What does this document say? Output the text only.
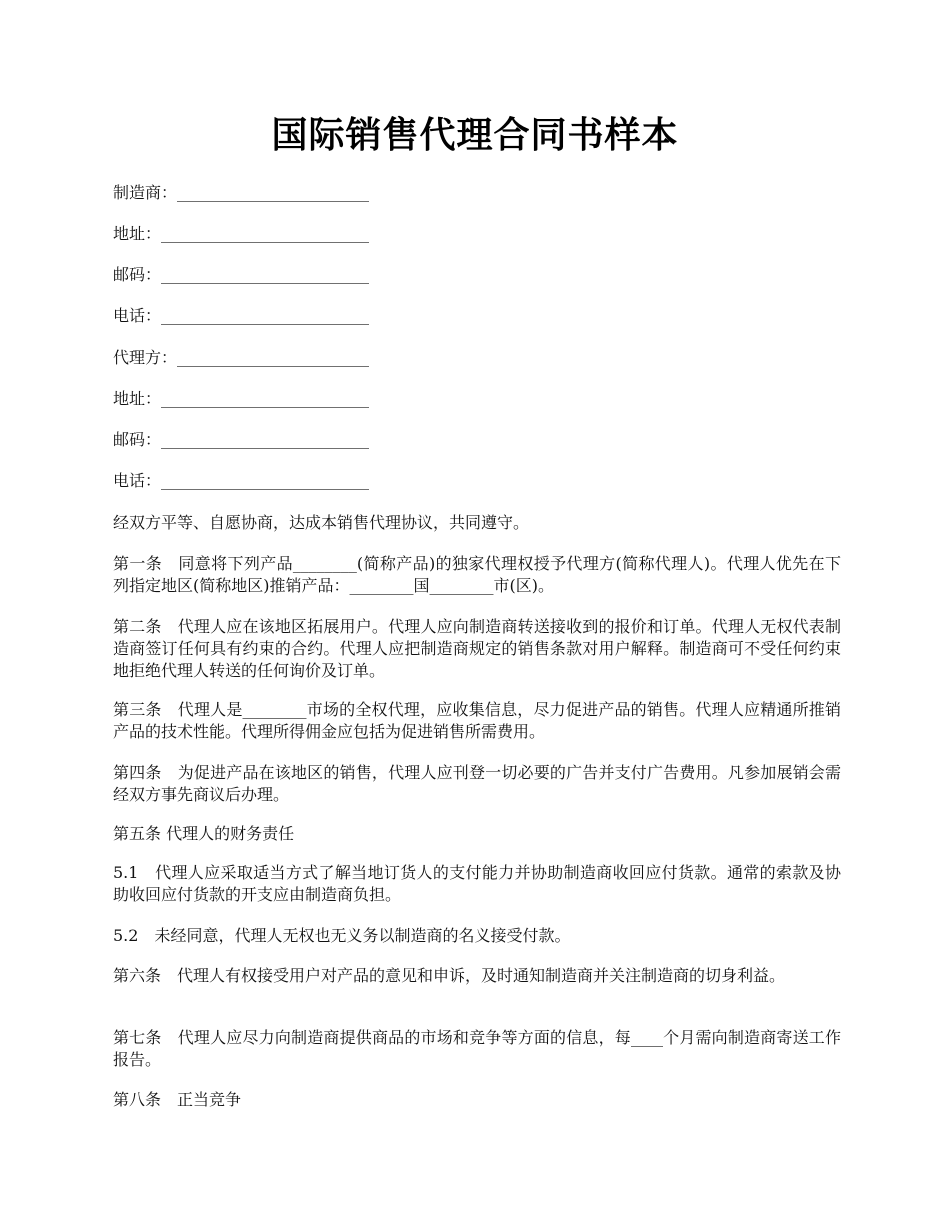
国际销售代理合同书样本
制造商：________________________
地址：__________________________
邮码：__________________________
电话：__________________________
代理方：________________________
地址：__________________________
邮码：__________________________
电话：__________________________
经双方平等、自愿协商，达成本销售代理协议，共同遵守。
第一条　同意将下列产品________(简称产品)的独家代理权授予代理方(简称代理人)。代理人优先在下列指定地区(简称地区)推销产品：________国________市(区)。
第二条　代理人应在该地区拓展用户。代理人应向制造商转送接收到的报价和订单。代理人无权代表制造商签订任何具有约束的合约。代理人应把制造商规定的销售条款对用户解释。制造商可不受任何约束地拒绝代理人转送的任何询价及订单。
第三条　代理人是________市场的全权代理，应收集信息，尽力促进产品的销售。代理人应精通所推销产品的技术性能。代理所得佣金应包括为促进销售所需费用。
第四条　为促进产品在该地区的销售，代理人应刊登一切必要的广告并支付广告费用。凡参加展销会需经双方事先商议后办理。
第五条 代理人的财务责任
5.1　代理人应采取适当方式了解当地订货人的支付能力并协助制造商收回应付货款。通常的索款及协助收回应付货款的开支应由制造商负担。
5.2　未经同意，代理人无权也无义务以制造商的名义接受付款。
第六条　代理人有权接受用户对产品的意见和申诉，及时通知制造商并关注制造商的切身利益。
第七条　代理人应尽力向制造商提供商品的市场和竞争等方面的信息，每____个月需向制造商寄送工作报告。
第八条　正当竞争
